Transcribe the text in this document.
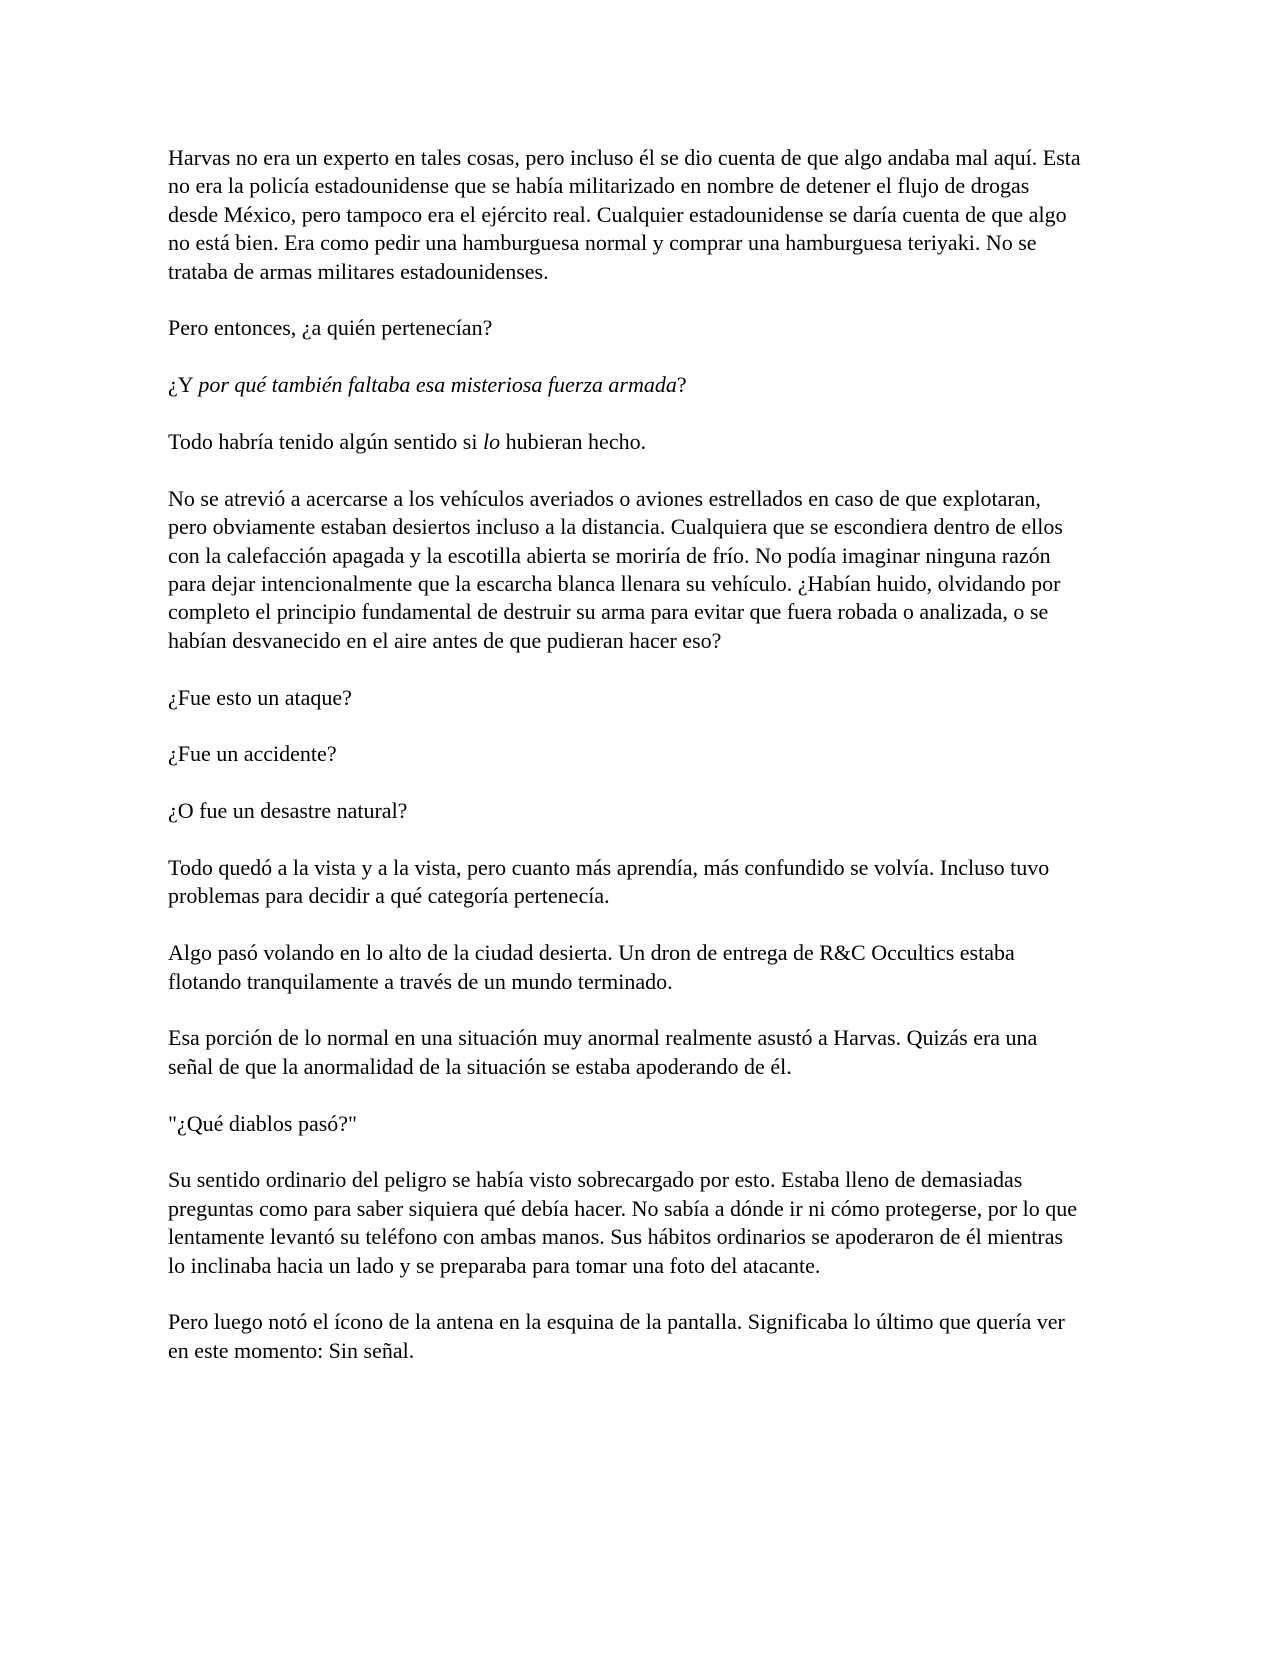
Harvas no era un experto en tales cosas, pero incluso él se dio cuenta de que algo andaba mal aquí. Esta no era la policía estadounidense que se había militarizado en nombre de detener el flujo de drogas desde México, pero tampoco era el ejército real. Cualquier estadounidense se daría cuenta de que algo no está bien. Era como pedir una hamburguesa normal y comprar una hamburguesa teriyaki. No se trataba de armas militares estadounidenses.

Pero entonces, ¿a quién pertenecían?

¿Y por qué también faltaba esa misteriosa fuerza armada?

Todo habría tenido algún sentido si lo hubieran hecho.

No se atrevió a acercarse a los vehículos averiados o aviones estrellados en caso de que explotaran, pero obviamente estaban desiertos incluso a la distancia. Cualquiera que se escondiera dentro de ellos con la calefacción apagada y la escotilla abierta se moriría de frío. No podía imaginar ninguna razón para dejar intencionalmente que la escarcha blanca llenara su vehículo. ¿Habían huido, olvidando por completo el principio fundamental de destruir su arma para evitar que fuera robada o analizada, o se habían desvanecido en el aire antes de que pudieran hacer eso?

¿Fue esto un ataque?

¿Fue un accidente?

¿O fue un desastre natural?

Todo quedó a la vista y a la vista, pero cuanto más aprendía, más confundido se volvía. Incluso tuvo problemas para decidir a qué categoría pertenecía.

Algo pasó volando en lo alto de la ciudad desierta. Un dron de entrega de R&C Occultics estaba flotando tranquilamente a través de un mundo terminado.

Esa porción de lo normal en una situación muy anormal realmente asustó a Harvas. Quizás era una señal de que la anormalidad de la situación se estaba apoderando de él.

"¿Qué diablos pasó?"

Su sentido ordinario del peligro se había visto sobrecargado por esto. Estaba lleno de demasiadas preguntas como para saber siquiera qué debía hacer. No sabía a dónde ir ni cómo protegerse, por lo que lentamente levantó su teléfono con ambas manos. Sus hábitos ordinarios se apoderaron de él mientras lo inclinaba hacia un lado y se preparaba para tomar una foto del atacante.

Pero luego notó el ícono de la antena en la esquina de la pantalla. Significaba lo último que quería ver en este momento: Sin señal.
